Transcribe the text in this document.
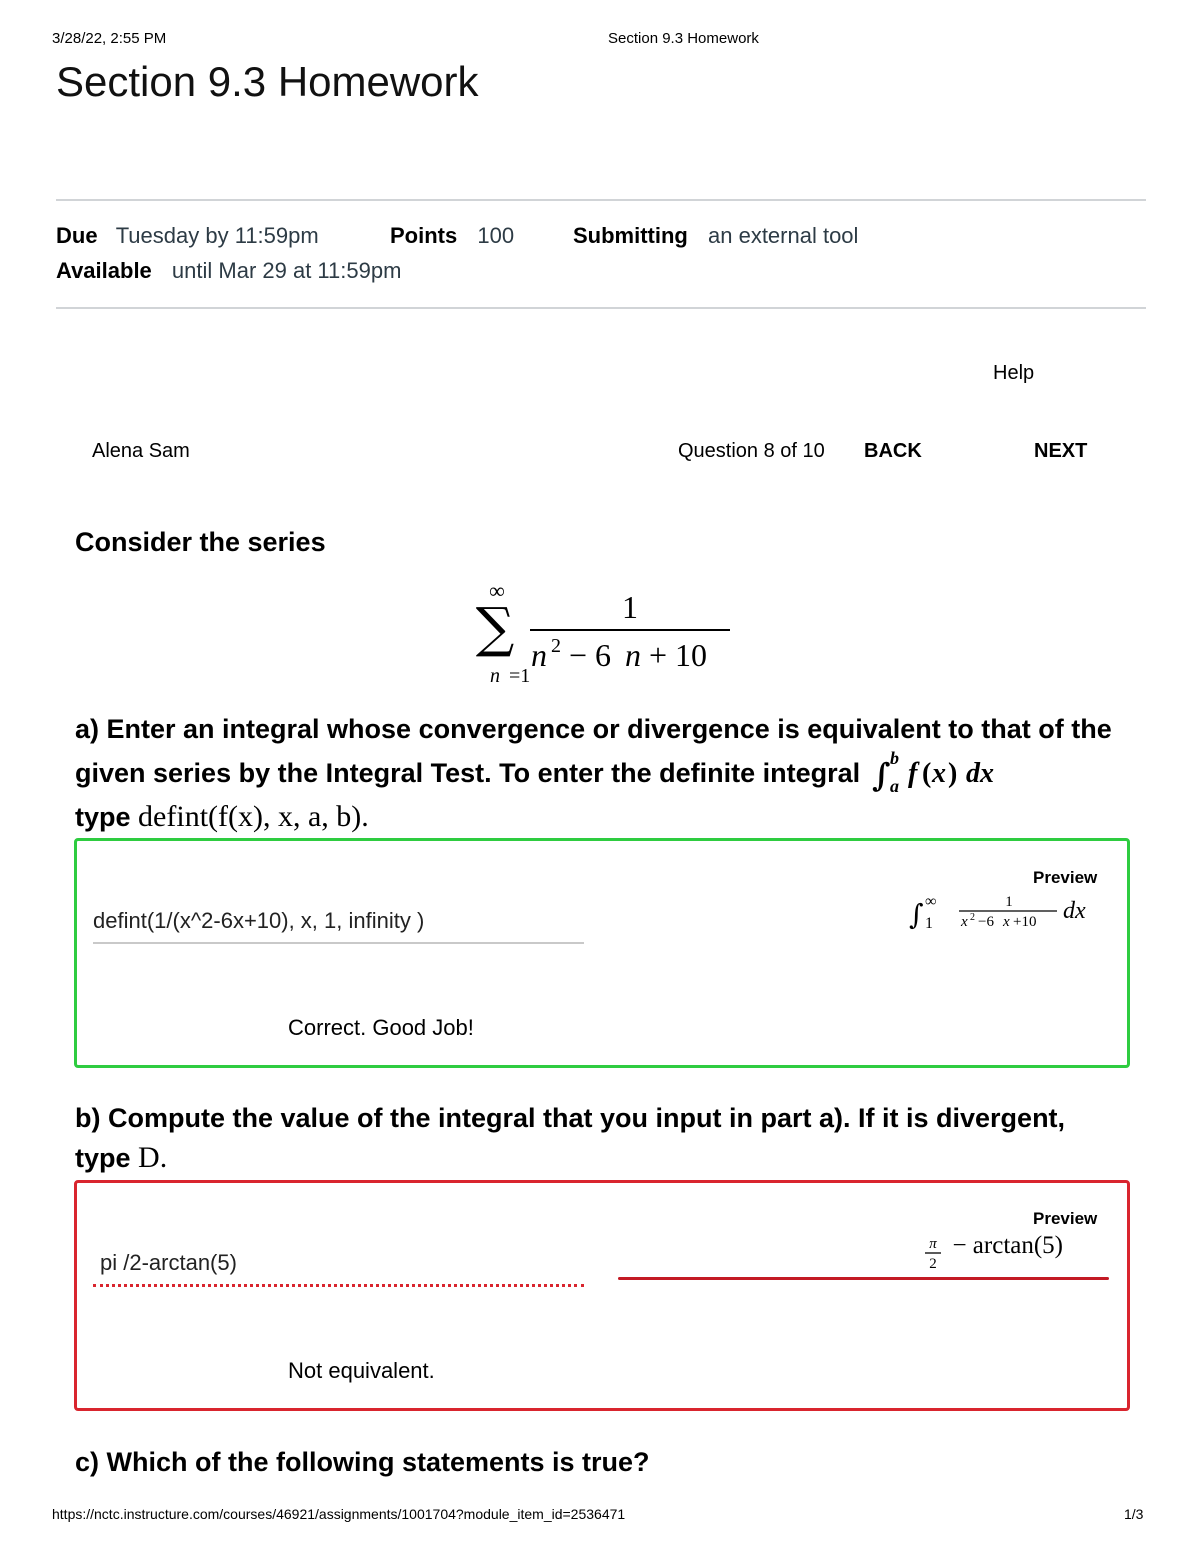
3/28/22, 2:55 PM	Section 9.3 Homework
Section 9.3 Homework
Due Tuesday by 11:59pm	Points 100	Submitting an external tool
Available until Mar 29 at 11:59pm
Help
Alena Sam	Question 8 of 10 BACK	NEXT
Consider the series
∞
∑
n =1
1
n 2 − 6 n + 10
a) Enter an integral whose convergence or divergence is equivalent to that of the given series by the Integral Test. To enter the definite integral ∫ b
a f ( x ) dx

type defint(f(x), x, a, b).
Preview
∫ ∞
1
1
x 2 −6 x +10 dx
defint(1/(x^2-6x+10), x, 1, infinity )
Correct. Good Job!
b) Compute the value of the integral that you input in part a). If it is divergent, type D.
Preview
π
2
− arctan(5)
pi /2-arctan(5)
Not equivalent.
c) Which of the following statements is true?
https://nctc.instructure.com/courses/46921/assignments/1001704?module_item_id=2536471	1/3
